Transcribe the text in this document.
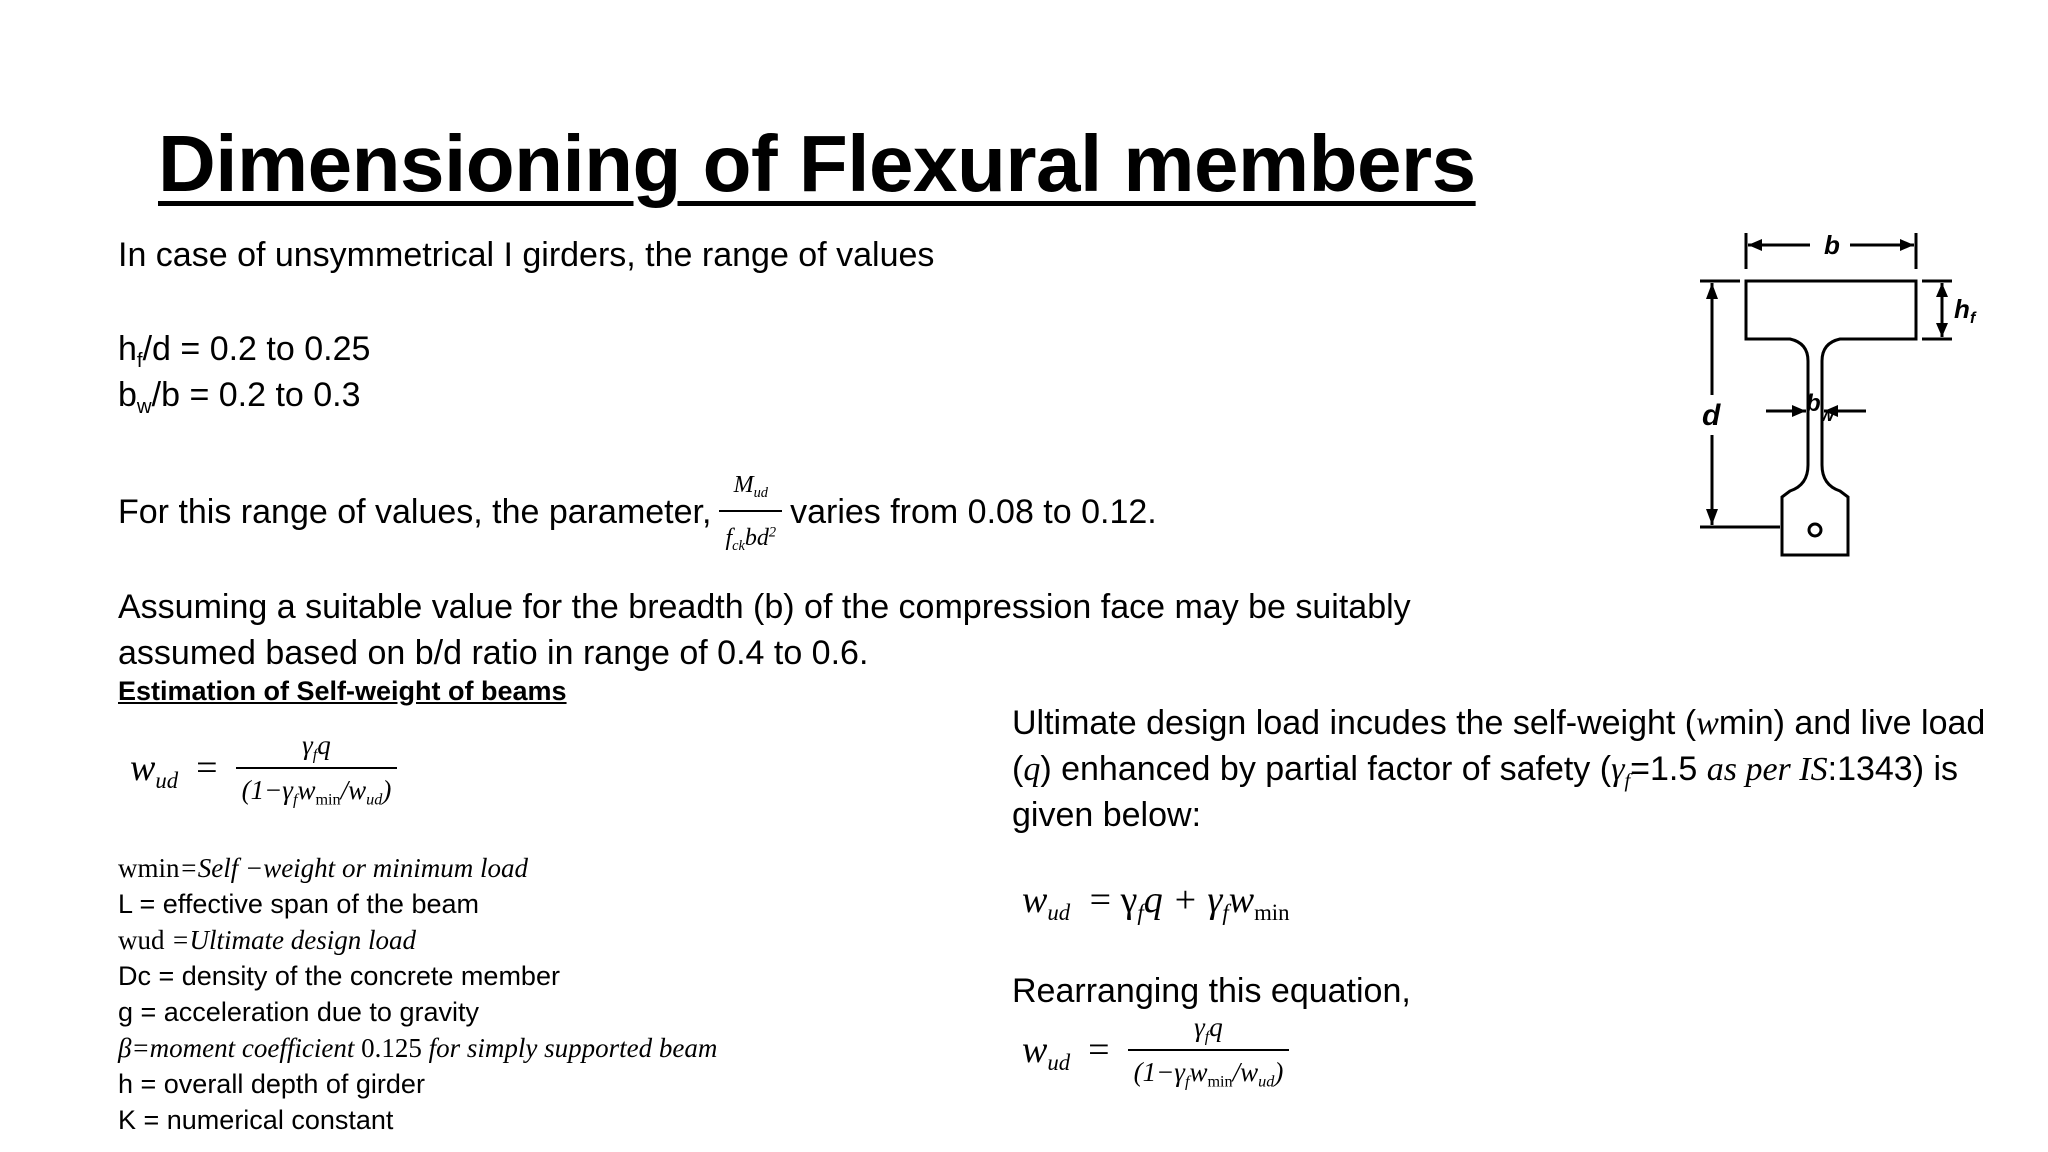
Dimensioning of Flexural members
In case of unsymmetrical I girders, the range of values
$h_f/d = 0.2$ to 0.25
$b_w/b = 0.2$ to 0.3
For this range of values, the parameter, $\frac{M_{ud}}{f_{ck}bd^2}$ varies from 0.08 to 0.12.
Assuming a suitable value for the breadth (b) of the compression face may be suitably
assumed based on b/d ratio in range of 0.4 to 0.6.
Estimation of Self-weight of beams
$w_{ud} = \frac{\gamma_fq}{(1-\gamma_fw_{min}/w_{ud})}$
wmin=Self −weight or minimum load
L = effective span of the beam
wud =Ultimate design load
Dc = density of the concrete member
g = acceleration due to gravity
β=moment coefficient 0.125 for simply supported beam
h = overall depth of girder
K = numerical constant
Ultimate design load incudes the self-weight (wmin) and live load
(q) enhanced by partial factor of safety ($\gamma_f=1.5$ as per IS:1343) is
given below:
$w_{ud} = \gamma_fq + \gamma_fw_{min}$
Rearranging this equation,
$w_{ud} = \frac{\gamma_fq}{(1-\gamma_fw_{min}/w_{ud})}$
b
h f
d	b w
